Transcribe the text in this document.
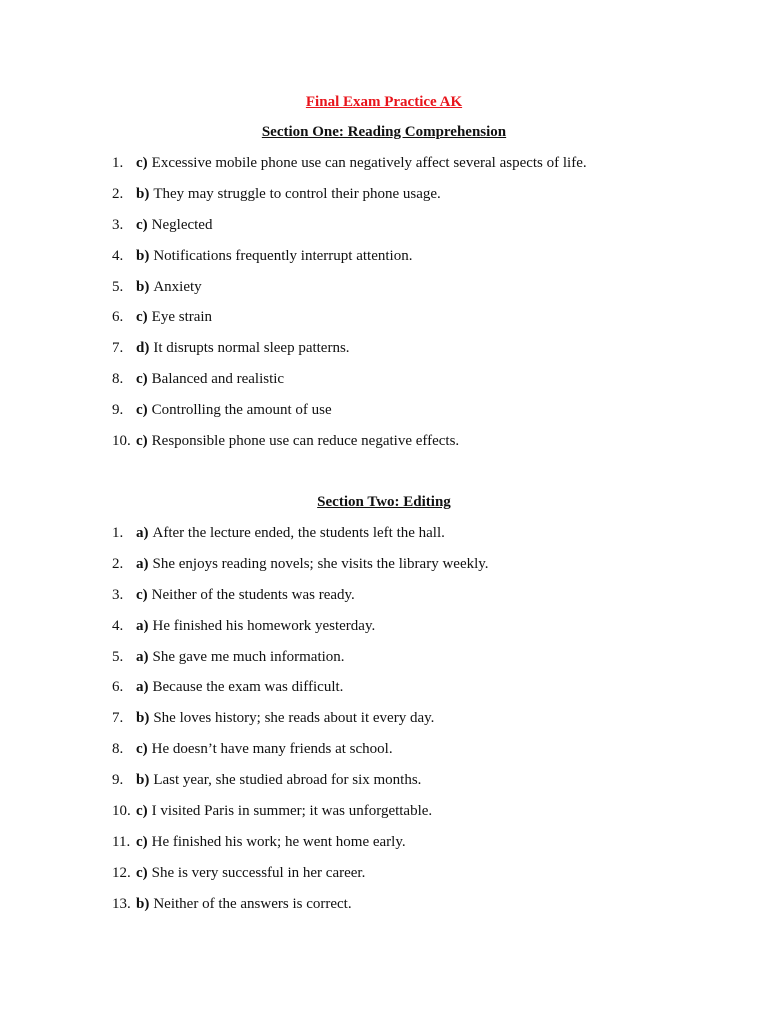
Final Exam Practice AK
Section One: Reading Comprehension
1. c) Excessive mobile phone use can negatively affect several aspects of life.
2. b) They may struggle to control their phone usage.
3. c) Neglected
4. b) Notifications frequently interrupt attention.
5. b) Anxiety
6. c) Eye strain
7. d) It disrupts normal sleep patterns.
8. c) Balanced and realistic
9. c) Controlling the amount of use
10. c) Responsible phone use can reduce negative effects.
Section Two: Editing
1. a) After the lecture ended, the students left the hall.
2. a) She enjoys reading novels; she visits the library weekly.
3. c) Neither of the students was ready.
4. a) He finished his homework yesterday.
5. a) She gave me much information.
6. a) Because the exam was difficult.
7. b) She loves history; she reads about it every day.
8. c) He doesn’t have many friends at school.
9. b) Last year, she studied abroad for six months.
10. c) I visited Paris in summer; it was unforgettable.
11. c) He finished his work; he went home early.
12. c) She is very successful in her career.
13. b) Neither of the answers is correct.
